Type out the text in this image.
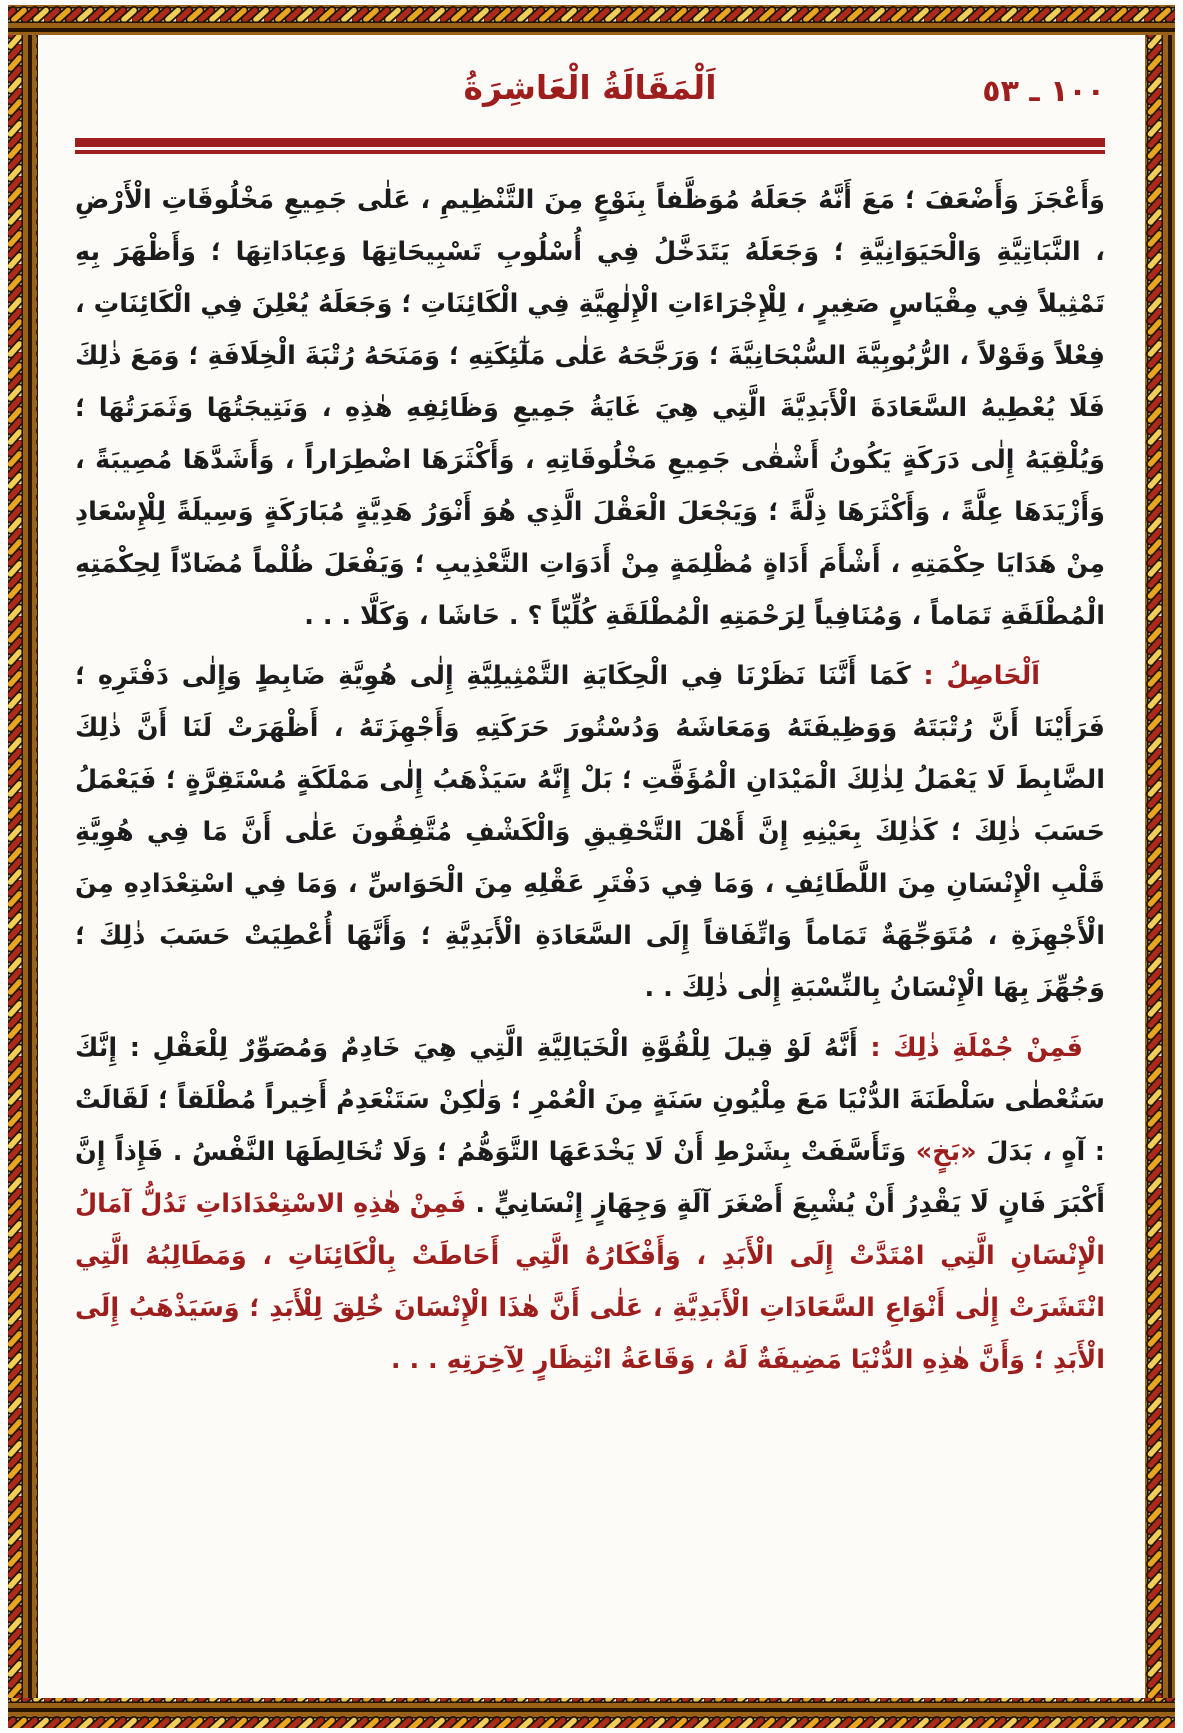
١٠٠ ـ ٥٣
اَلْمَقَالَةُ الْعَاشِرَةُ

وَأَعْجَزَ وَأَضْعَفَ ؛ مَعَ أَنَّهُ جَعَلَهُ مُوَظَّفاً بِنَوْعٍ مِنَ التَّنْظِيمِ ، عَلٰى جَمِيعِ مَخْلُوقَاتِ الْأَرْضِ ، النَّبَاتِيَّةِ وَالْحَيَوَانِيَّةِ ؛ وَجَعَلَهُ يَتَدَخَّلُ فِي أُسْلُوبِ تَسْبِيحَاتِهَا وَعِبَادَاتِهَا ؛ وَأَظْهَرَ بِهِ تَمْثِيلاً فِي مِقْيَاسٍ صَغِيرٍ ، لِلْإِجْرَاءَاتِ الْإِلٰهِيَّةِ فِي الْكَائِنَاتِ ؛ وَجَعَلَهُ يُعْلِنَ فِي الْكَائِنَاتِ ، فِعْلاً وَقَوْلاً ، الرُّبُوبِيَّةَ السُّبْحَانِيَّةَ ؛ وَرَجَّحَهُ عَلٰى مَلٰٓئِكَتِهِ ؛ وَمَنَحَهُ رُتْبَةَ الْخِلَافَةِ ؛ وَمَعَ ذٰلِكَ فَلَا يُعْطِيهُ السَّعَادَةَ الْأَبَدِيَّةَ الَّتِي هِيَ غَايَةُ جَمِيعِ وَظَائِفِهِ هٰذِهِ ، وَنَتِيجَتُهَا وَثَمَرَتُهَا ؛ وَيُلْقِيَهُ إِلٰى دَرَكَةٍ يَكُونُ أَشْقٰى جَمِيعِ مَخْلُوقَاتِهِ ، وَأَكْثَرَهَا اضْطِرَاراً ، وَأَشَدَّهَا مُصِيبَةً ، وَأَزْيَدَهَا عِلَّةً ، وَأَكْثَرَهَا ذِلَّةً ؛ وَيَجْعَلَ الْعَقْلَ الَّذِي هُوَ أَنْوَرُ هَدِيَّةٍ مُبَارَكَةٍ وَسِيلَةً لِلْإِسْعَادِ مِنْ هَدَايَا حِكْمَتِهِ ، أَشْأَمَ أَدَاةٍ مُظْلِمَةٍ مِنْ أَدَوَاتِ التَّعْذِيبِ ؛ وَيَفْعَلَ ظُلْماً مُضَادّاً لِحِكْمَتِهِ الْمُطْلَقَةِ تَمَاماً ، وَمُنَافِياً لِرَحْمَتِهِ الْمُطْلَقَةِ كُلِّيّاً ؟ . حَاشَا ، وَكَلَّا . . .

اَلْحَاصِلُ : كَمَا أَنَّنَا نَظَرْنَا فِي الْحِكَايَةِ التَّمْثِيلِيَّةِ إِلٰى هُوِيَّةِ ضَابِطٍ وَإِلٰى دَفْتَرِهِ ؛ فَرَأَيْنَا أَنَّ رُتْبَتَهُ وَوَظِيفَتَهُ وَمَعَاشَهُ وَدُسْتُورَ حَرَكَتِهِ وَأَجْهِزَتَهُ ، أَظْهَرَتْ لَنَا أَنَّ ذٰلِكَ الضَّابِطَ لَا يَعْمَلُ لِذٰلِكَ الْمَيْدَانِ الْمُؤَقَّتِ ؛ بَلْ إِنَّهُ سَيَذْهَبُ إِلٰى مَمْلَكَةٍ مُسْتَقِرَّةٍ ؛ فَيَعْمَلُ حَسَبَ ذٰلِكَ ؛ كَذٰلِكَ بِعَيْنِهِ إِنَّ أَهْلَ التَّحْقِيقِ وَالْكَشْفِ مُتَّفِقُونَ عَلٰى أَنَّ مَا فِي هُوِيَّةِ قَلْبِ الْإِنْسَانِ مِنَ اللَّطَائِفِ ، وَمَا فِي دَفْتَرِ عَقْلِهِ مِنَ الْحَوَاسِّ ، وَمَا فِي اسْتِعْدَادِهِ مِنَ الْأَجْهِزَةِ ، مُتَوَجِّهَةٌ تَمَاماً وَاتِّفَاقاً إِلَى السَّعَادَةِ الْأَبَدِيَّةِ ؛ وَأَنَّهَا أُعْطِيَتْ حَسَبَ ذٰلِكَ ؛ وَجُهِّزَ بِهَا الْإِنْسَانُ بِالنِّسْبَةِ إِلٰى ذٰلِكَ . .

فَمِنْ جُمْلَةِ ذٰلِكَ : أَنَّهُ لَوْ قِيلَ لِلْقُوَّةِ الْخَيَالِيَّةِ الَّتِي هِيَ خَادِمٌ وَمُصَوِّرٌ لِلْعَقْلِ : إِنَّكَ سَتُعْطٰى سَلْطَنَةَ الدُّنْيَا مَعَ مِلْيُونِ سَنَةٍ مِنَ الْعُمْرِ ؛ وَلٰكِنْ سَتَنْعَدِمُ أَخِيراً مُطْلَقاً ؛ لَقَالَتْ : آهٍ ، بَدَلَ «بَخٍ» وَتَأَسَّفَتْ بِشَرْطِ أَنْ لَا يَخْدَعَهَا التَّوَهُّمُ ؛ وَلَا تُخَالِطَهَا النَّفْسُ . فَإِذاً إِنَّ أَكْبَرَ فَانٍ لَا يَقْدِرُ أَنْ يُشْبِعَ أَصْغَرَ آلَةٍ وَجِهَازٍ إِنْسَانِيٍّ . فَمِنْ هٰذِهِ الاسْتِعْدَادَاتِ تَدُلُّ آمَالُ الْإِنْسَانِ الَّتِي امْتَدَّتْ إِلَى الْأَبَدِ ، وَأَفْكَارُهُ الَّتِي أَحَاطَتْ بِالْكَائِنَاتِ ، وَمَطَالِبُهُ الَّتِي انْتَشَرَتْ إِلٰى أَنْوَاعِ السَّعَادَاتِ الْأَبَدِيَّةِ ، عَلٰى أَنَّ هٰذَا الْإِنْسَانَ خُلِقَ لِلْأَبَدِ ؛ وَسَيَذْهَبُ إِلَى الْأَبَدِ ؛ وَأَنَّ هٰذِهِ الدُّنْيَا مَضِيفَةٌ لَهُ ، وَقَاعَةُ انْتِظَارٍ لِآخِرَتِهِ . . .
